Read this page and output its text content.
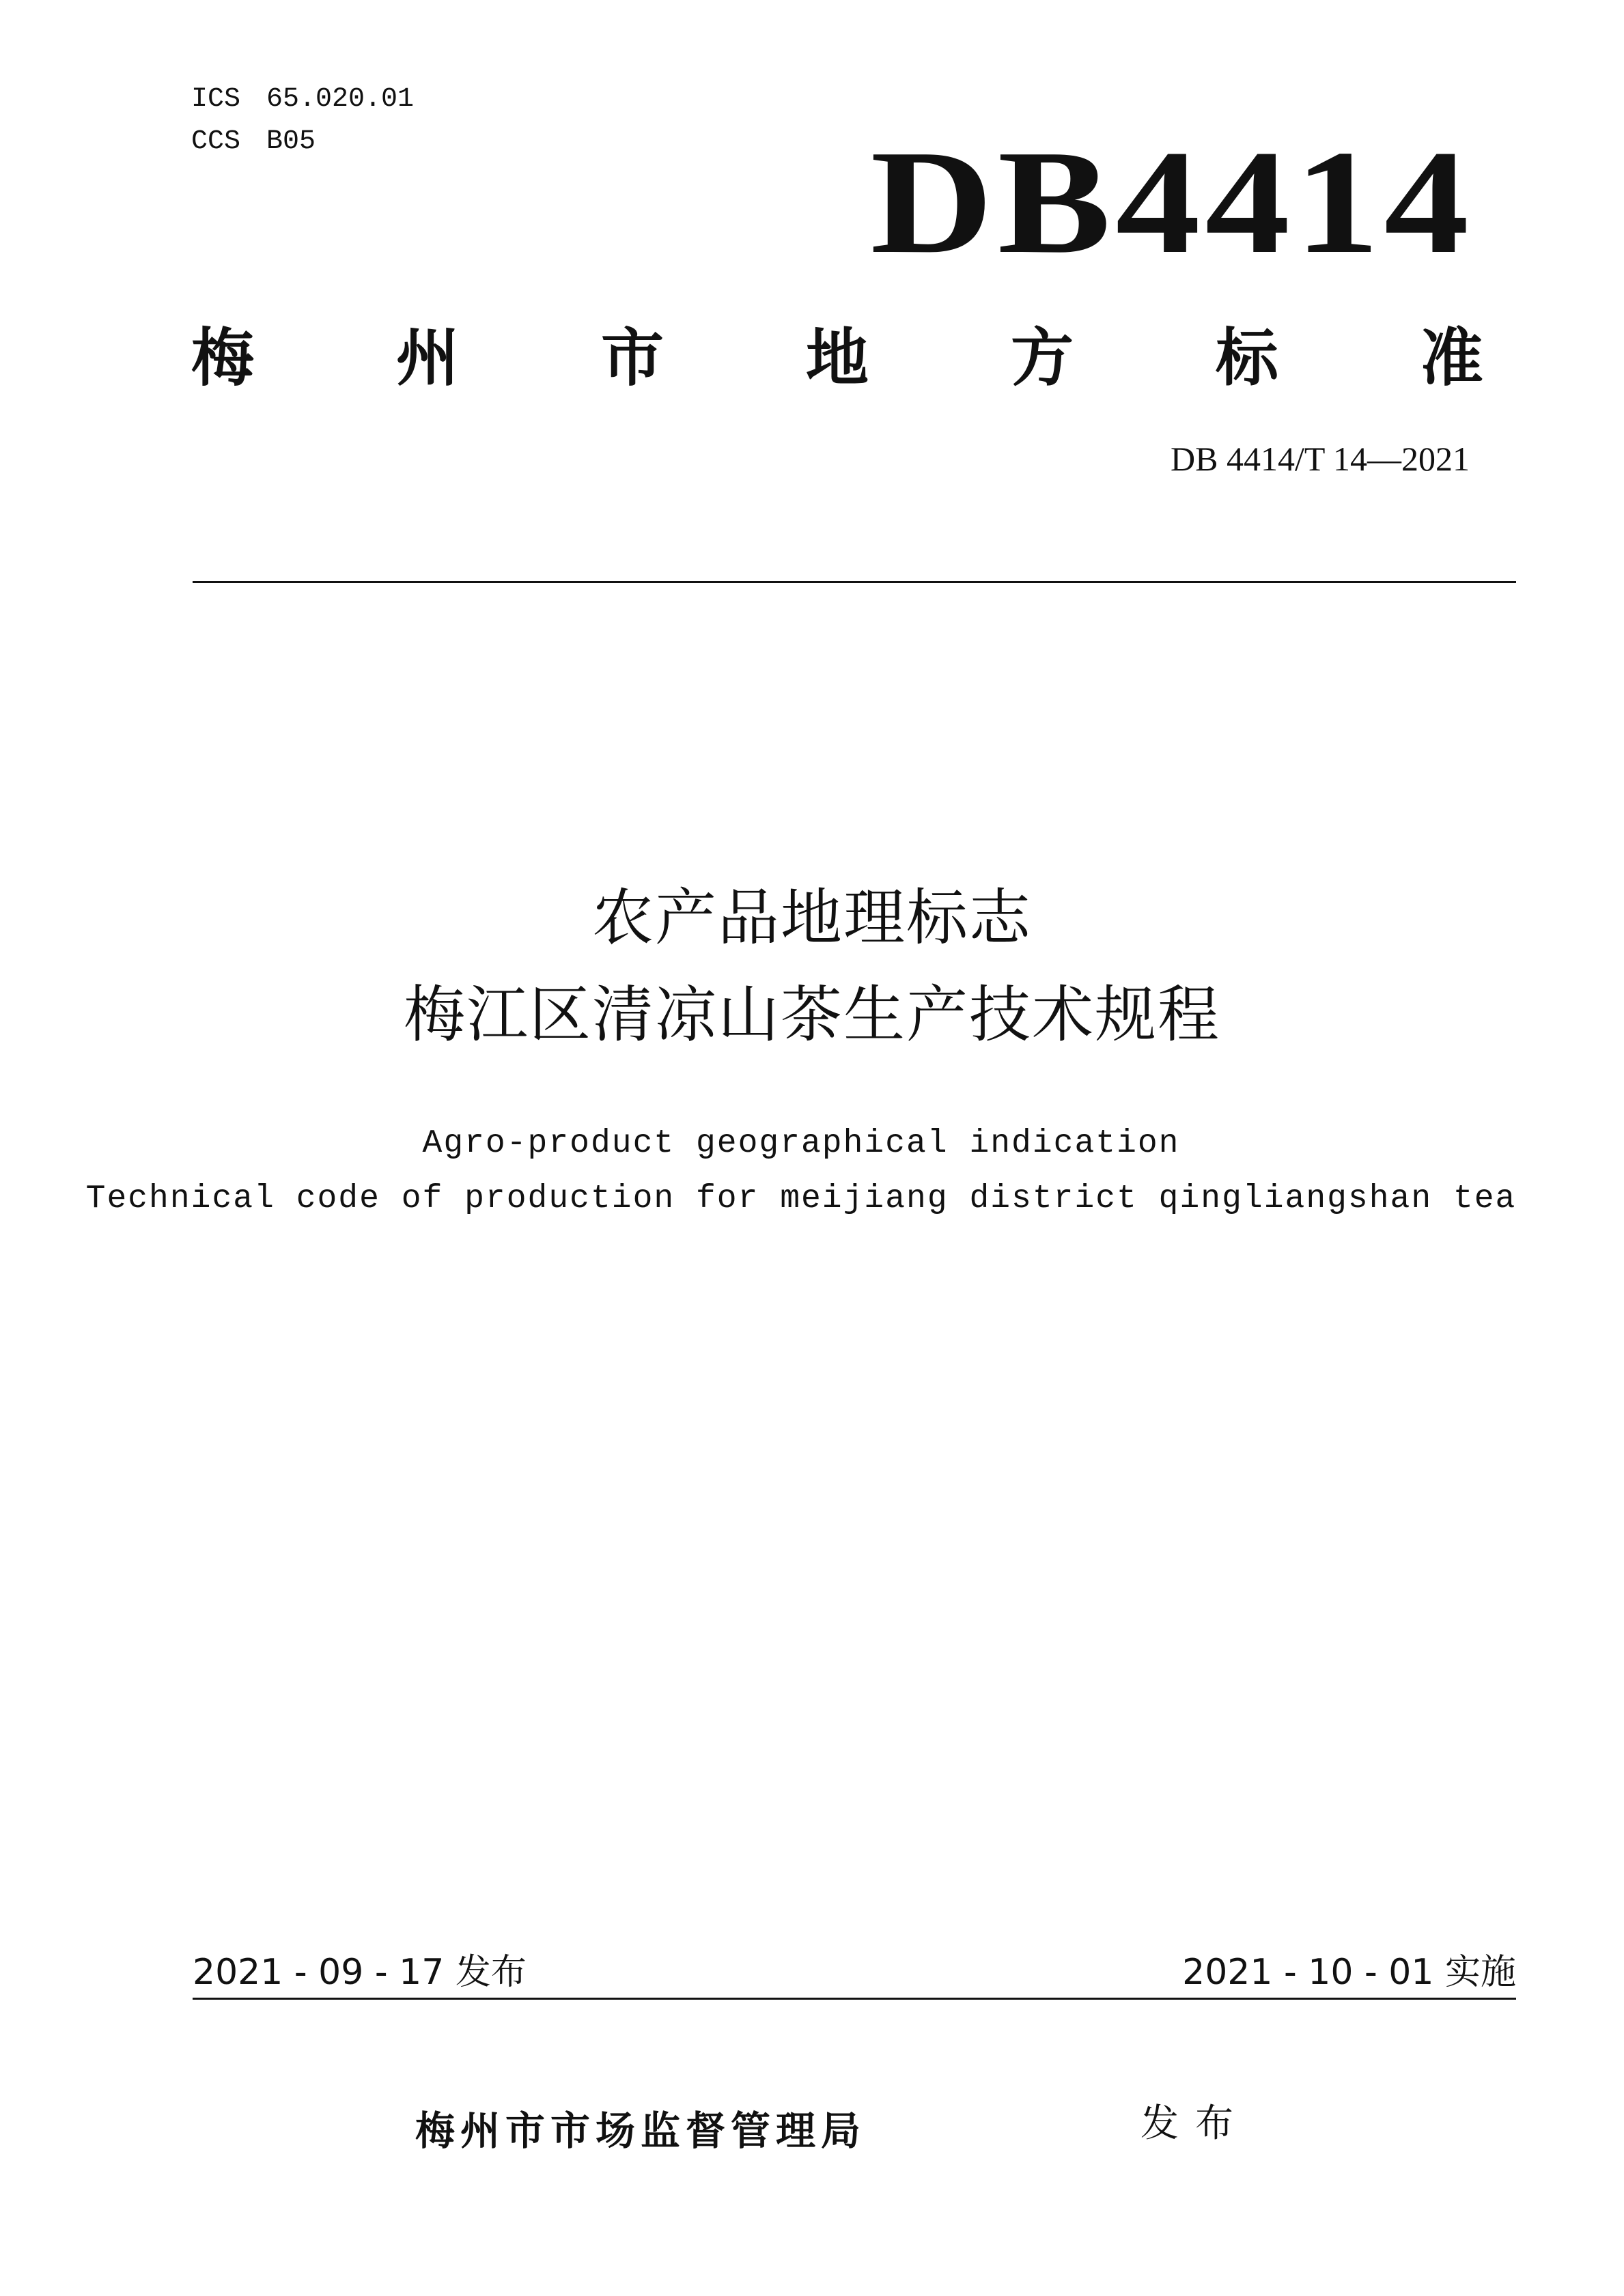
ICS 65.020.01
CCS B05	DB4414
梅 州 市 地 方 标 准
DB 4414/T 14—2021
农产品地理标志
梅江区清凉山茶生产技术规程
Agro-product geographical indication
Technical code of production for meijiang district qingliangshan tea
2021 - 09 - 17 发布	2021 - 10 - 01 实施
梅州市市场监督管理局	发布
